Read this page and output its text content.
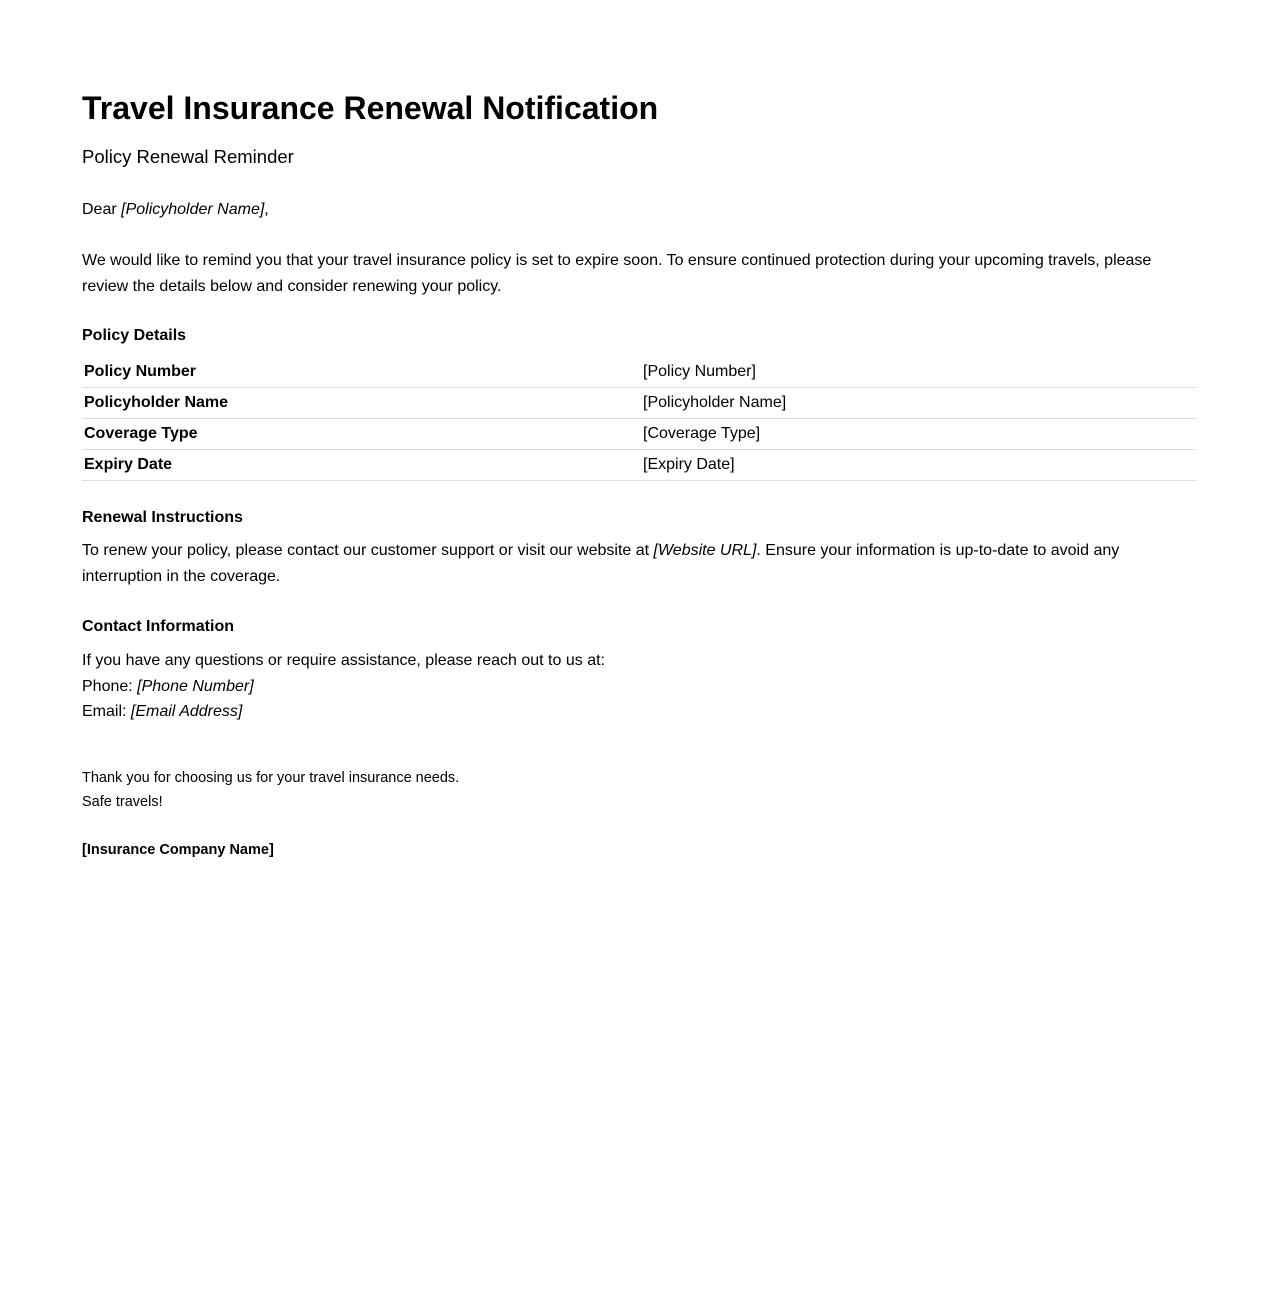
Travel Insurance Renewal Notification
Policy Renewal Reminder
Dear [Policyholder Name],

We would like to remind you that your travel insurance policy is set to expire soon. To ensure continued protection during your upcoming travels, please review the details below and consider renewing your policy.

Policy Details
Policy Number	[Policy Number]
Policyholder Name	[Policyholder Name]
Coverage Type	[Coverage Type]
Expiry Date	[Expiry Date]
Renewal Instructions

To renew your policy, please contact our customer support or visit our website at [Website URL]. Ensure your information is up-to-date to avoid any interruption in the coverage.

Contact Information
If you have any questions or require assistance, please reach out to us at:
Phone: [Phone Number]
Email: [Email Address]
Thank you for choosing us for your travel insurance needs.
Safe travels!
[Insurance Company Name]
